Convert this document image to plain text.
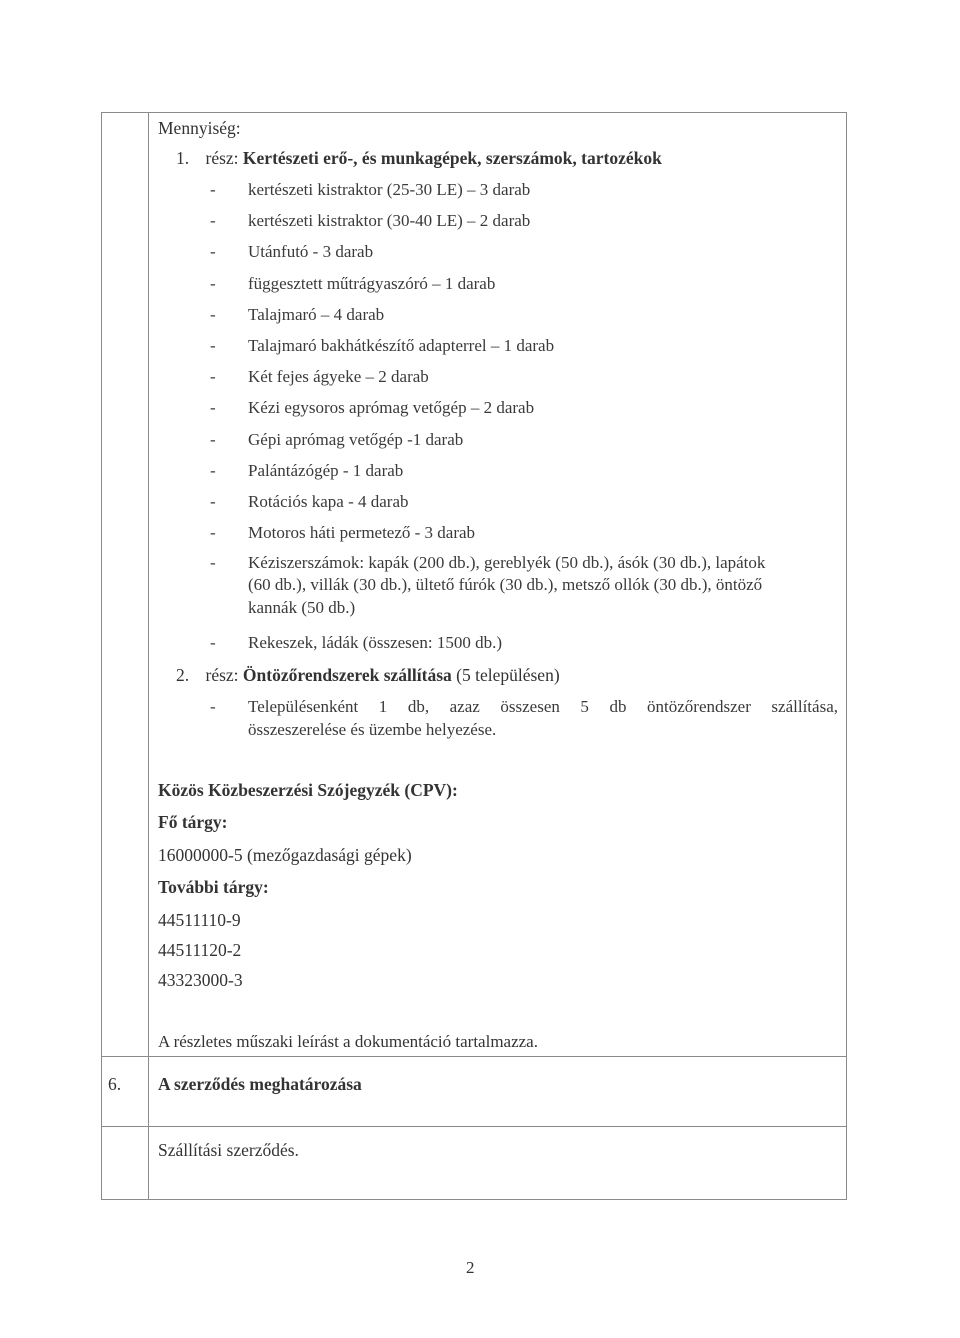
Mennyiség:
1. rész: Kertészeti erő-, és munkagépek, szerszámok, tartozékok
- kertészeti kistraktor (25-30 LE) – 3 darab
- kertészeti kistraktor (30-40 LE) – 2 darab
- Utánfutó - 3 darab
- függesztett műtrágyaszóró – 1 darab
- Talajmaró – 4 darab
- Talajmaró bakhátkészítő adapterrel – 1 darab
- Két fejes ágyeke – 2 darab
- Kézi egysoros aprómag vetőgép – 2 darab
- Gépi aprómag vetőgép -1 darab
- Palántázógép - 1 darab
- Rotációs kapa - 4 darab
- Motoros háti permetező - 3 darab
- Kéziszerszámok: kapák (200 db.), gereblyék (50 db.), ásók (30 db.), lapátok
(60 db.), villák (30 db.), ültető fúrók (30 db.), metsző ollók (30 db.), öntöző
kannák (50 db.)
- Rekeszek, ládák (összesen: 1500 db.)
2. rész: Öntözőrendszerek szállítása (5 településen)
- Településenként 1 db, azaz összesen 5 db öntözőrendszer szállítása,
összeszerelése és üzembe helyezése.
Közös Közbeszerzési Szójegyzék (CPV):
Fő tárgy:
16000000-5 (mezőgazdasági gépek)
További tárgy:
44511110-9
44511120-2
43323000-3
A részletes műszaki leírást a dokumentáció tartalmazza.
6. A szerződés meghatározása
Szállítási szerződés.
2
